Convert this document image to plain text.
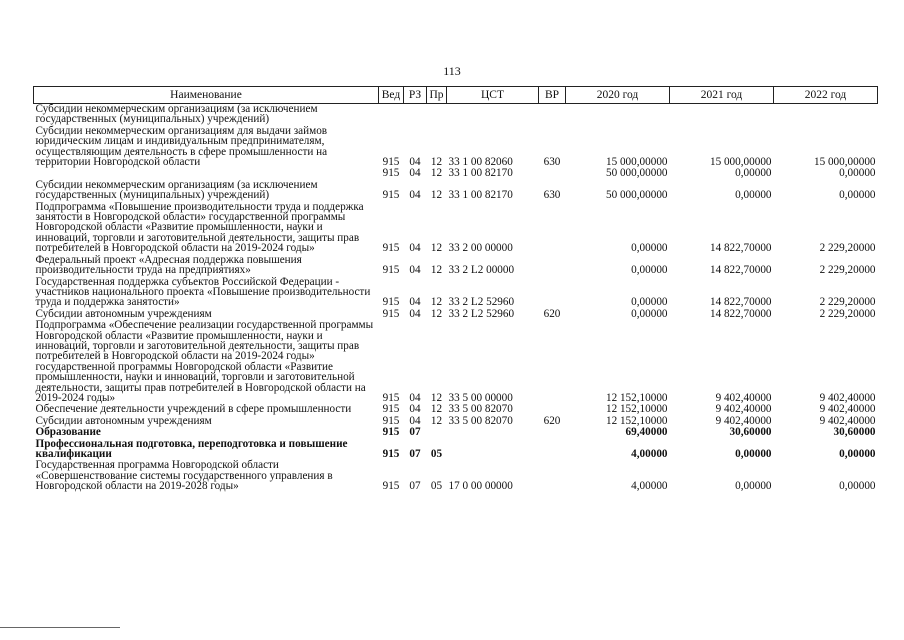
113
Наименование	Вед	РЗ	Пр	ЦСТ	ВР	2020 год	2021 год	2022 год
Субсидии некоммерческим организациям (за исключением государственных (муниципальных) учреждений)								
Субсидии некоммерческим организациям для выдачи займов юридическим лицам и индивидуальным предпринимателям, осуществляющим деятельность в сфере промышленности на территории Новгородской области	915	04	12	33 1 00 82060	630	15 000,00000	15 000,00000	15 000,00000
	915	04	12	33 1 00 82170		50 000,00000	0,00000	0,00000
Субсидии некоммерческим организациям (за исключением государственных (муниципальных) учреждений)	915	04	12	33 1 00 82170	630	50 000,00000	0,00000	0,00000
Подпрограмма «Повышение производительности труда и поддержка занятости в Новгородской области» государственной программы Новгородской области «Развитие промышленности, науки и инноваций, торговли и заготовительной деятельности, защиты прав потребителей в Новгородской области на 2019-2024 годы»	915	04	12	33 2 00 00000		0,00000	14 822,70000	2 229,20000
Федеральный проект «Адресная поддержка повышения производительности труда на предприятиях»	915	04	12	33 2 L2 00000		0,00000	14 822,70000	2 229,20000
Государственная поддержка субъектов Российской Федерации - участников национального проекта «Повышение производительности труда и поддержка занятости»	915	04	12	33 2 L2 52960		0,00000	14 822,70000	2 229,20000
Субсидии автономным учреждениям	915	04	12	33 2 L2 52960	620	0,00000	14 822,70000	2 229,20000
Подпрограмма «Обеспечение реализации государственной программы Новгородской области «Развитие промышленности, науки и инноваций, торговли и заготовительной деятельности, защиты прав потребителей в Новгородской области на 2019-2024 годы» государственной программы Новгородской области «Развитие промышленности, науки и инноваций, торговли и заготовительной деятельности, защиты прав потребителей в Новгородской области на 2019-2024 годы»	915	04	12	33 5 00 00000		12 152,10000	9 402,40000	9 402,40000
Обеспечение деятельности учреждений в сфере промышленности	915	04	12	33 5 00 82070		12 152,10000	9 402,40000	9 402,40000
Субсидии автономным учреждениям	915	04	12	33 5 00 82070	620	12 152,10000	9 402,40000	9 402,40000
Образование	915	07				69,40000	30,60000	30,60000
Профессиональная подготовка, переподготовка и повышение квалификации	915	07	05			4,00000	0,00000	0,00000
Государственная программа Новгородской области «Совершенствование системы государственного управления в Новгородской области на 2019-2028 годы»	915	07	05	17 0 00 00000		4,00000	0,00000	0,00000
